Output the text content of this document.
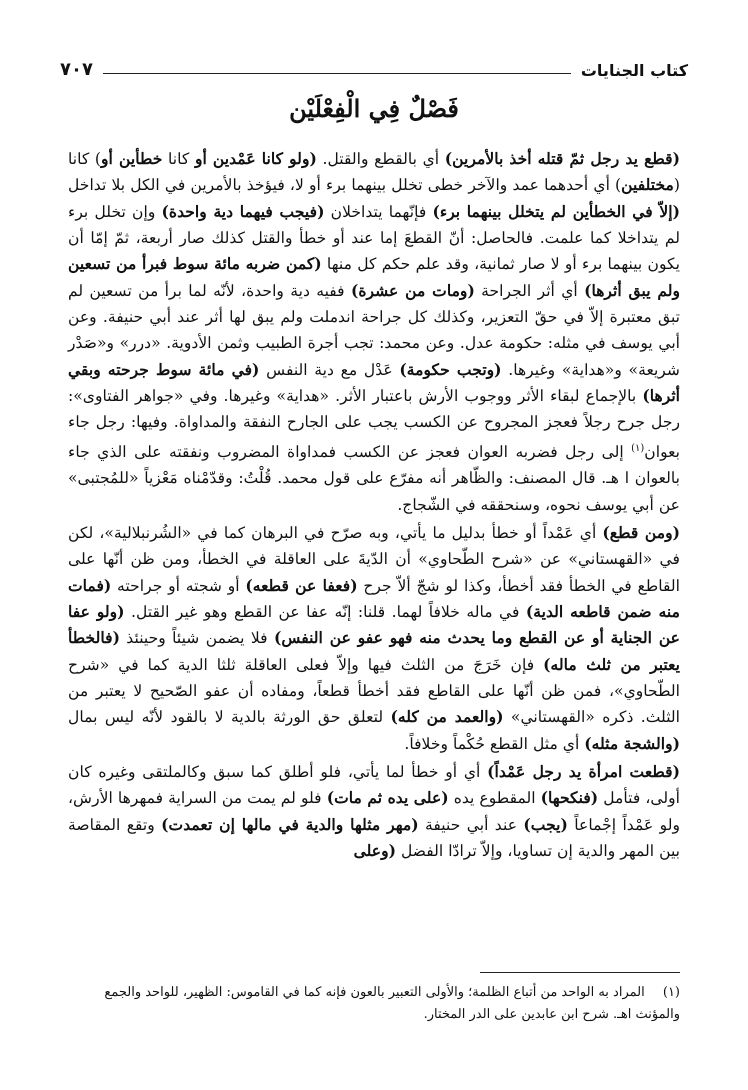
كتاب الجنايات
٧٠٧
فَصْلٌ فِي الْفِعْلَيْن

(قطع يد رجل ثمّ قتله أخذ بالأمرين) أي بالقطع والقتل. (ولو كانا عَمْدين أو كانا خطأين أو) كانا (مختلفين) أي أحدهما عمد والآخر خطى تخلل بينهما برء أو لا، فيؤخذ بالأمرين في الكل بلا تداخل (إلاّ في الخطأين لم يتخلل بينهما برء) فإنّهما يتداخلان (فيجب فيهما دية واحدة) وإن تخلل برء لم يتداخلا كما علمت. فالحاصل: أنّ القطعَ إما عند أو خطأ والقتل كذلك صار أربعة، ثمّ إمّا أن يكون بينهما برء أو لا صار ثمانية، وقد علم حكم كل منها (كمن ضربه مائة سوط فبرأ من تسعين ولم يبق أثرها) أي أثر الجراحة (ومات من عشرة) ففيه دية واحدة، لأنّه لما برأ من تسعين لم تبق معتبرة إلاّ في حقّ التعزير، وكذلك كل جراحة اندملت ولم يبق لها أثر عند أبي حنيفة. وعن أبي يوسف في مثله: حكومة عدل. وعن محمد: تجب أجرة الطبيب وثمن الأدوية. «درر» و«صَدْر شريعة» و«هداية» وغيرها. (وتجب حكومة) عَدْل مع دية النفس (في مائة سوط جرحته وبقي أثرها) بالإجماع لبقاء الأثر ووجوب الأرش باعتبار الأثر. «هداية» وغيرها. وفي «جواهر الفتاوى»: رجل جرح رجلاً فعجز المجروح عن الكسب يجب على الجارح النفقة والمداواة. وفيها: رجل جاء بعوان$^{(١)}$ إلى رجل فضربه العوان فعجز عن الكسب فمداواة المضروب ونفقته على الذي جاء بالعوان ا هـ. قال المصنف: والظّاهر أنه مفرّع على قول محمد. قُلْتُ: وقدّمْناه مَعْزياً «للمُجتبى» عن أبي يوسف نحوه، وسنحققه في الشّجاج.

(ومن قطع) أي عَمْداً أو خطأ بدليل ما يأتي، وبه صرّح في البرهان كما في «الشُرنبلالية»، لكن في «القهستاني» عن «شرح الطّحاوي» أن الدّيةَ على العاقلة في الخطأ، ومن ظن أنّها على القاطع في الخطأ فقد أخطأ، وكذا لو شجّ ألاّ جرح (فعفا عن قطعه) أو شجته أو جراحته (فمات منه ضمن قاطعه الدية) في ماله خلافاً لهما. قلنا: إنّه عفا عن القطع وهو غير القتل. (ولو عفا عن الجناية أو عن القطع وما يحدث منه فهو عفو عن النفس) فلا يضمن شيئاً وحينئذ (فالخطأ يعتبر من ثلث ماله) فإن خَرَجَ من الثلث فيها وإلاّ فعلى العاقلة ثلثا الدية كما في «شرح الطّحاوي»، فمن ظن أنّها على القاطع فقد أخطأ قطعاً، ومفاده أن عفو الصّحيح لا يعتبر من الثلث. ذكره «القهستاني» (والعمد من كله) لتعلق حق الورثة بالدية لا بالقود لأنّه ليس بمال (والشجة مثله) أي مثل القطع حُكْماً وخلافاً.

(قطعت امرأة يد رجل عَمْداً) أي أو خطأ لما يأتي، فلو أطلق كما سبق وكالملتقى وغيره كان أولى، فتأمل (فنكحها) المقطوع يده (على يده ثم مات) فلو لم يمت من السراية فمهرها الأرش، ولو عَمْداً إجْماعاً (يجب) عند أبي حنيفة (مهر مثلها والدية في مالها إن تعمدت) وتقع المقاصة بين المهر والدية إن تساويا، وإلاّ ترادّا الفضل (وعلى

(١) المراد به الواحد من أتباع الظلمة؛ والأولى التعبير بالعون فإنه كما في القاموس: الظهير، للواحد والجمع والمؤنث اهـ. شرح ابن عابدين على الدر المختار.
